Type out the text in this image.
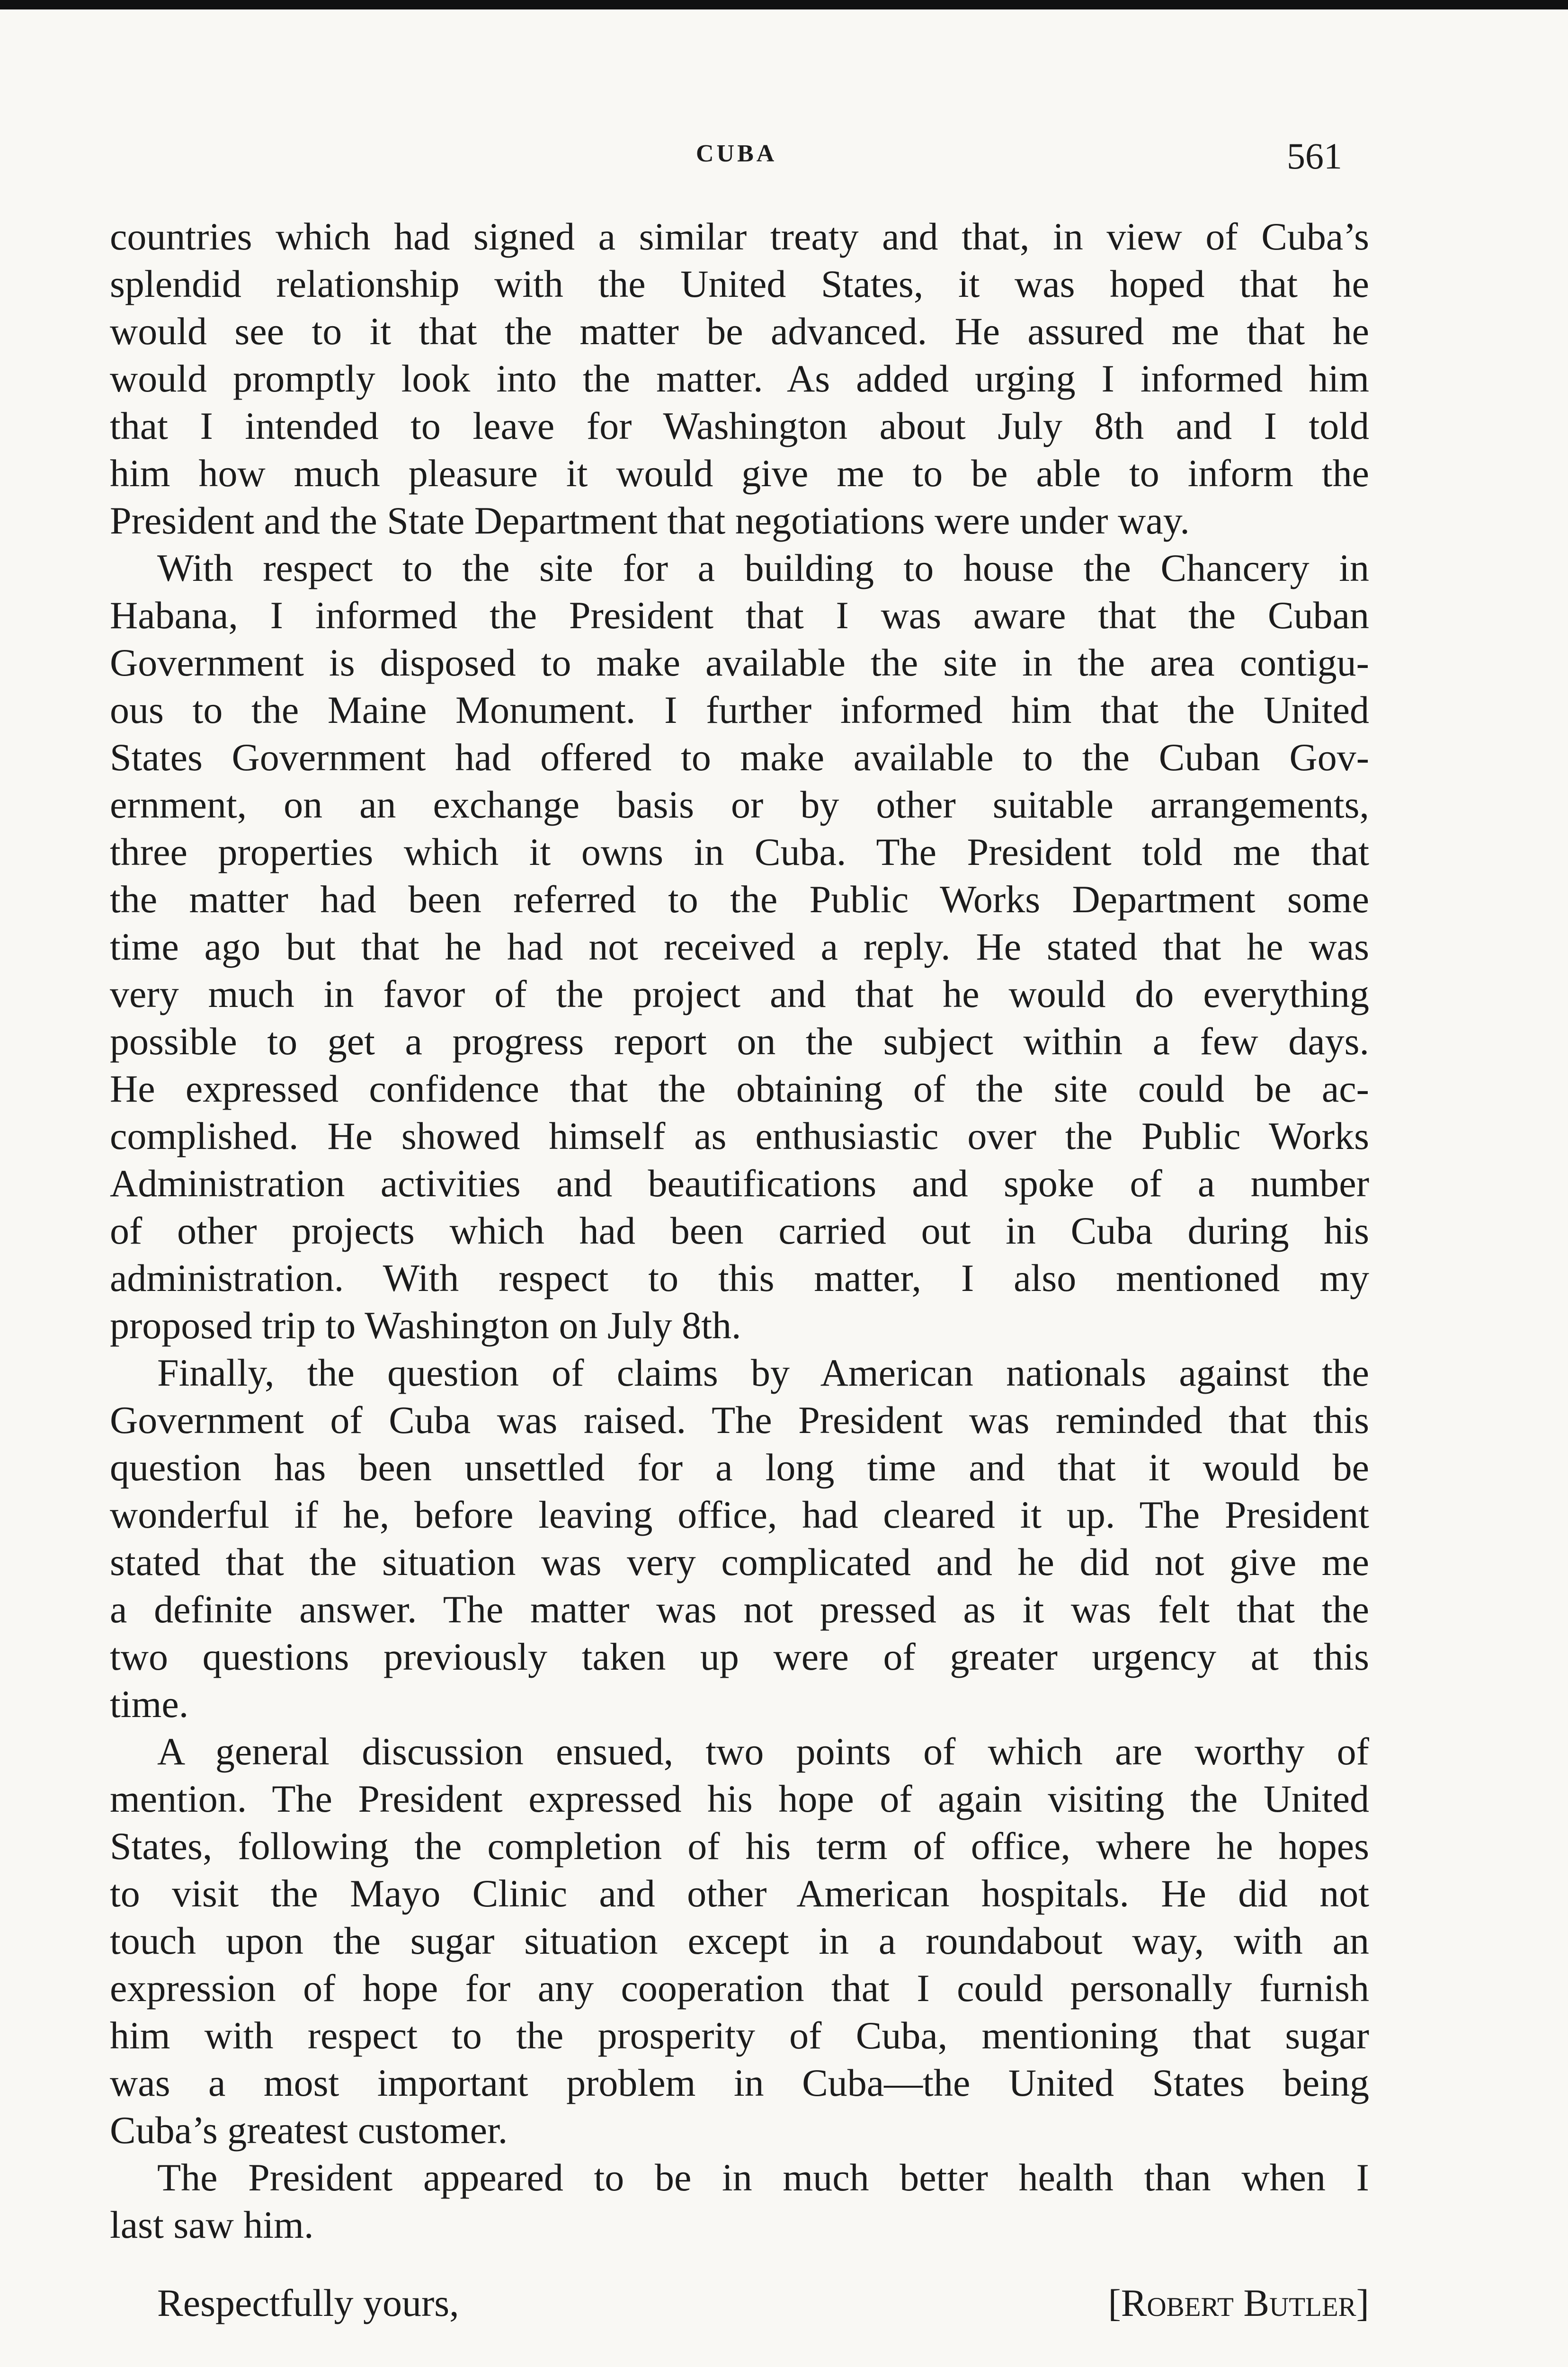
CUBA	561
countries which had signed a similar treaty and that, in view of Cuba’s
splendid relationship with the United States, it was hoped that he
would see to it that the matter be advanced. He assured me that he
would promptly look into the matter. As added urging I informed him
that I intended to leave for Washington about July 8th and I told
him how much pleasure it would give me to be able to inform the
President and the State Department that negotiations were under way.
With respect to the site for a building to house the Chancery in
Habana, I informed the President that I was aware that the Cuban
Government is disposed to make available the site in the area contigu-
ous to the Maine Monument. I further informed him that the United
States Government had offered to make available to the Cuban Gov-
ernment, on an exchange basis or by other suitable arrangements,
three properties which it owns in Cuba. The President told me that
the matter had been referred to the Public Works Department some
time ago but that he had not received a reply. He stated that he was
very much in favor of the project and that he would do everything
possible to get a progress report on the subject within a few days.
He expressed confidence that the obtaining of the site could be ac-
complished. He showed himself as enthusiastic over the Public Works
Administration activities and beautifications and spoke of a number
of other projects which had been carried out in Cuba during his
administration. With respect to this matter, I also mentioned my
proposed trip to Washington on July 8th.
Finally, the question of claims by American nationals against the
Government of Cuba was raised. The President was reminded that this
question has been unsettled for a long time and that it would be
wonderful if he, before leaving office, had cleared it up. The President
stated that the situation was very complicated and he did not give me
a definite answer. The matter was not pressed as it was felt that the
two questions previously taken up were of greater urgency at this
time.
A general discussion ensued, two points of which are worthy of
mention. The President expressed his hope of again visiting the United
States, following the completion of his term of office, where he hopes
to visit the Mayo Clinic and other American hospitals. He did not
touch upon the sugar situation except in a roundabout way, with an
expression of hope for any cooperation that I could personally furnish
him with respect to the prosperity of Cuba, mentioning that sugar
was a most important problem in Cuba—the United States being
Cuba’s greatest customer.
The President appeared to be in much better health than when I
last saw him.
Respectfully yours,	[Robert Butler]
